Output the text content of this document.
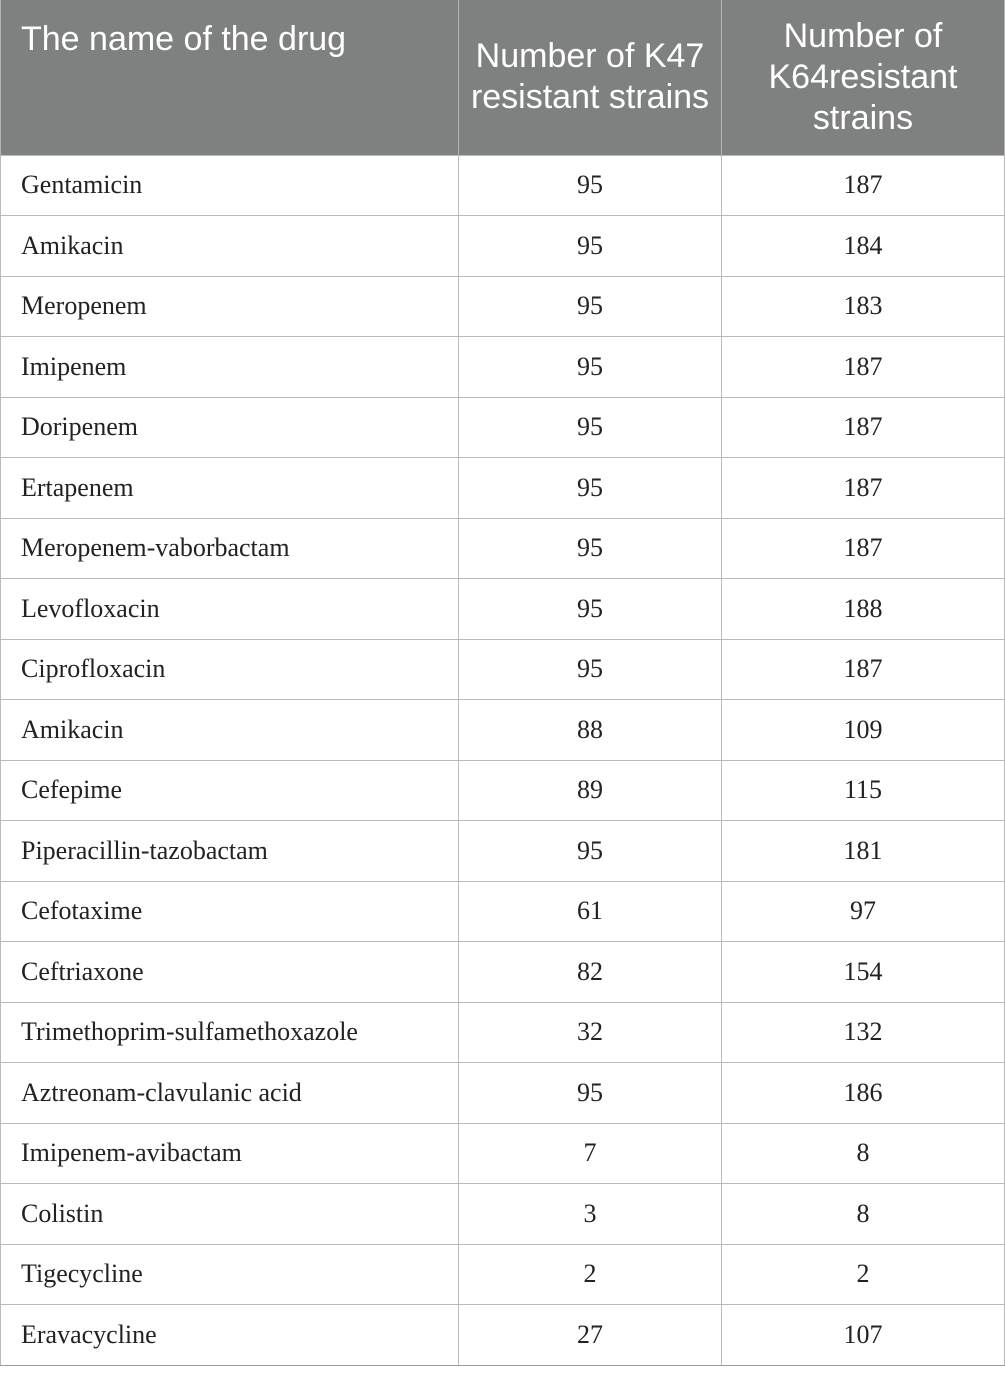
The name of the drug	Number of K47 resistant strains	Number of K64resistant strains
Gentamicin	95	187
Amikacin	95	184
Meropenem	95	183
Imipenem	95	187
Doripenem	95	187
Ertapenem	95	187
Meropenem-vaborbactam	95	187
Levofloxacin	95	188
Ciprofloxacin	95	187
Amikacin	88	109
Cefepime	89	115
Piperacillin-tazobactam	95	181
Cefotaxime	61	97
Ceftriaxone	82	154
Trimethoprim-sulfamethoxazole	32	132
Aztreonam-clavulanic acid	95	186
Imipenem-avibactam	7	8
Colistin	3	8
Tigecycline	2	2
Eravacycline	27	107
